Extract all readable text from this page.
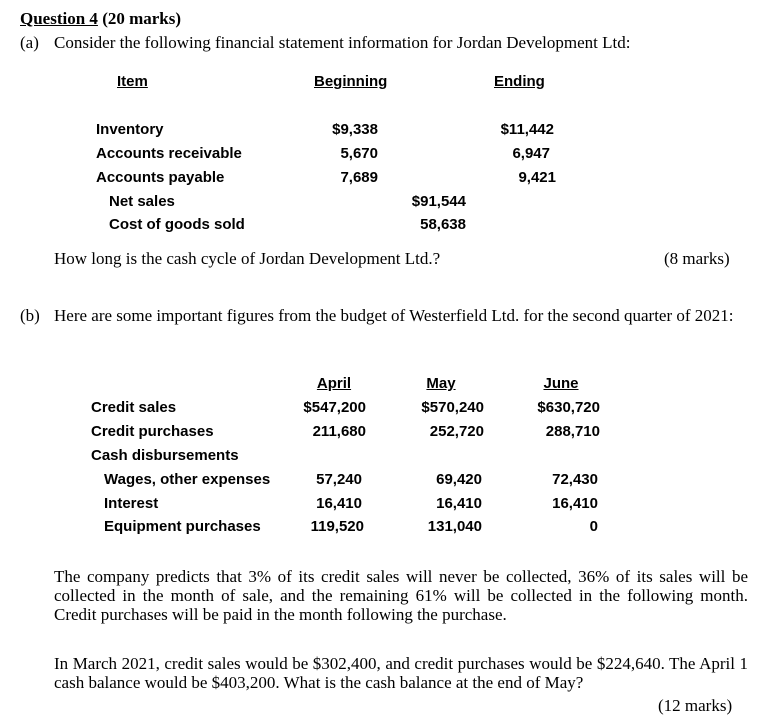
Question 4 (20 marks)
(a) Consider the following financial statement information for Jordan Development Ltd:
Item	Beginning	Ending
Inventory	$9,338	$11,442
Accounts receivable	5,670	6,947
Accounts payable	7,689	9,421
Net sales	$91,544
Cost of goods sold	58,638
How long is the cash cycle of Jordan Development Ltd.?	(8 marks)
(b) Here are some important figures from the budget of Westerfield Ltd. for the second quarter of 2021:
April	May	June
Credit sales	$547,200	$570,240	$630,720
Credit purchases	211,680	252,720	288,710
Cash disbursements
Wages, other expenses	57,240	69,420	72,430
Interest	16,410	16,410	16,410
Equipment purchases	119,520	131,040	0
The company predicts that 3% of its credit sales will never be collected, 36% of its sales will be collected in the month of sale, and the remaining 61% will be collected in the following month. Credit purchases will be paid in the month following the purchase.
In March 2021, credit sales would be $302,400, and credit purchases would be $224,640. The April 1 cash balance would be $403,200. What is the cash balance at the end of May?
(12 marks)
